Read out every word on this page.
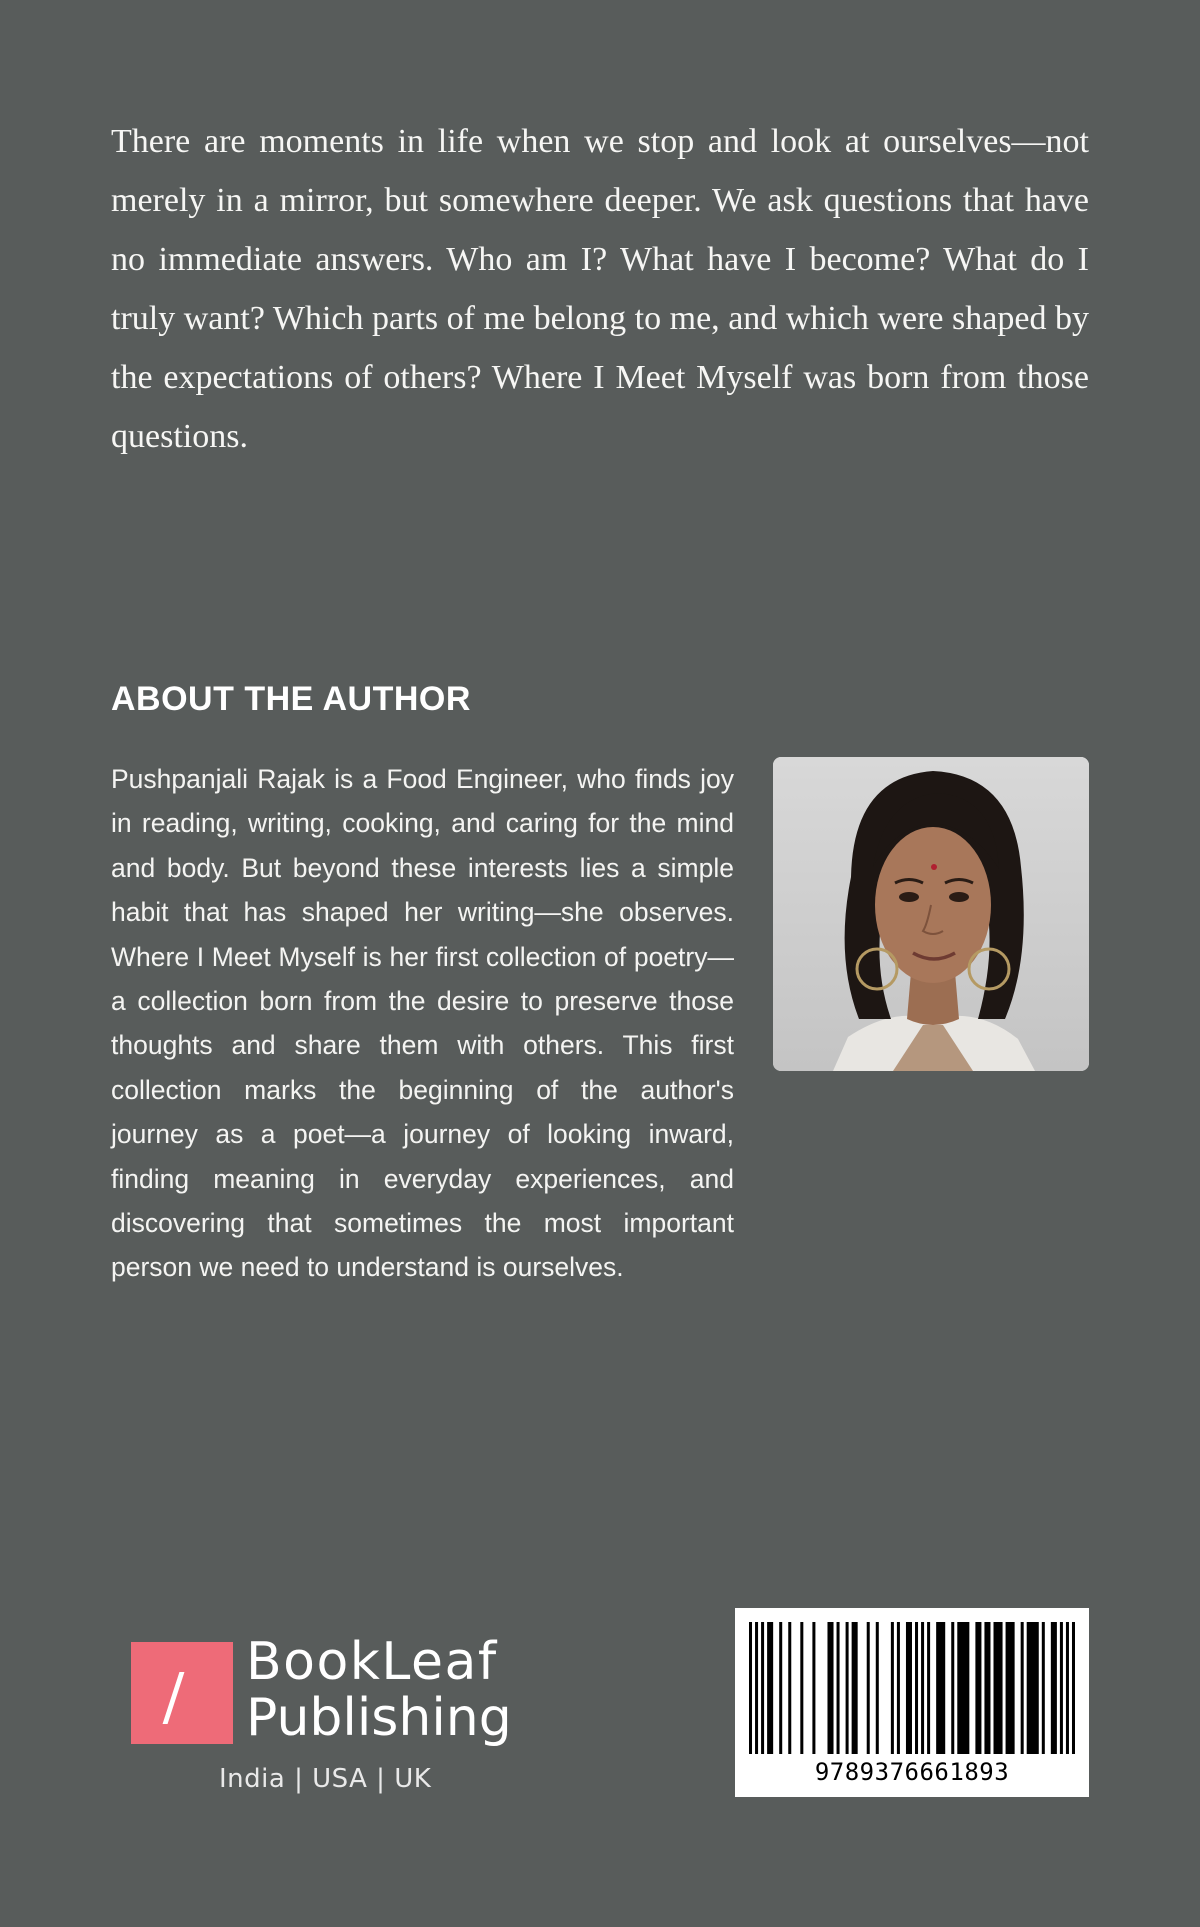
There are moments in life when we stop and look at ourselves—not merely in a mirror, but somewhere deeper. We ask questions that have no immediate answers. Who am I? What have I become? What do I truly want? Which parts of me belong to me, and which were shaped by the expectations of others? Where I Meet Myself was born from those questions.

ABOUT THE AUTHOR

Pushpanjali Rajak is a Food Engineer, who finds joy in reading, writing, cooking, and caring for the mind and body. But beyond these interests lies a simple habit that has shaped her writing—she observes. Where I Meet Myself is her first collection of poetry—a collection born from the desire to preserve those thoughts and share them with others. This first collection marks the beginning of the author's journey as a poet—a journey of looking inward, finding meaning in everyday experiences, and discovering that sometimes the most important person we need to understand is ourselves.

BookLeaf
Publishing
India | USA | UK	9789376661893
